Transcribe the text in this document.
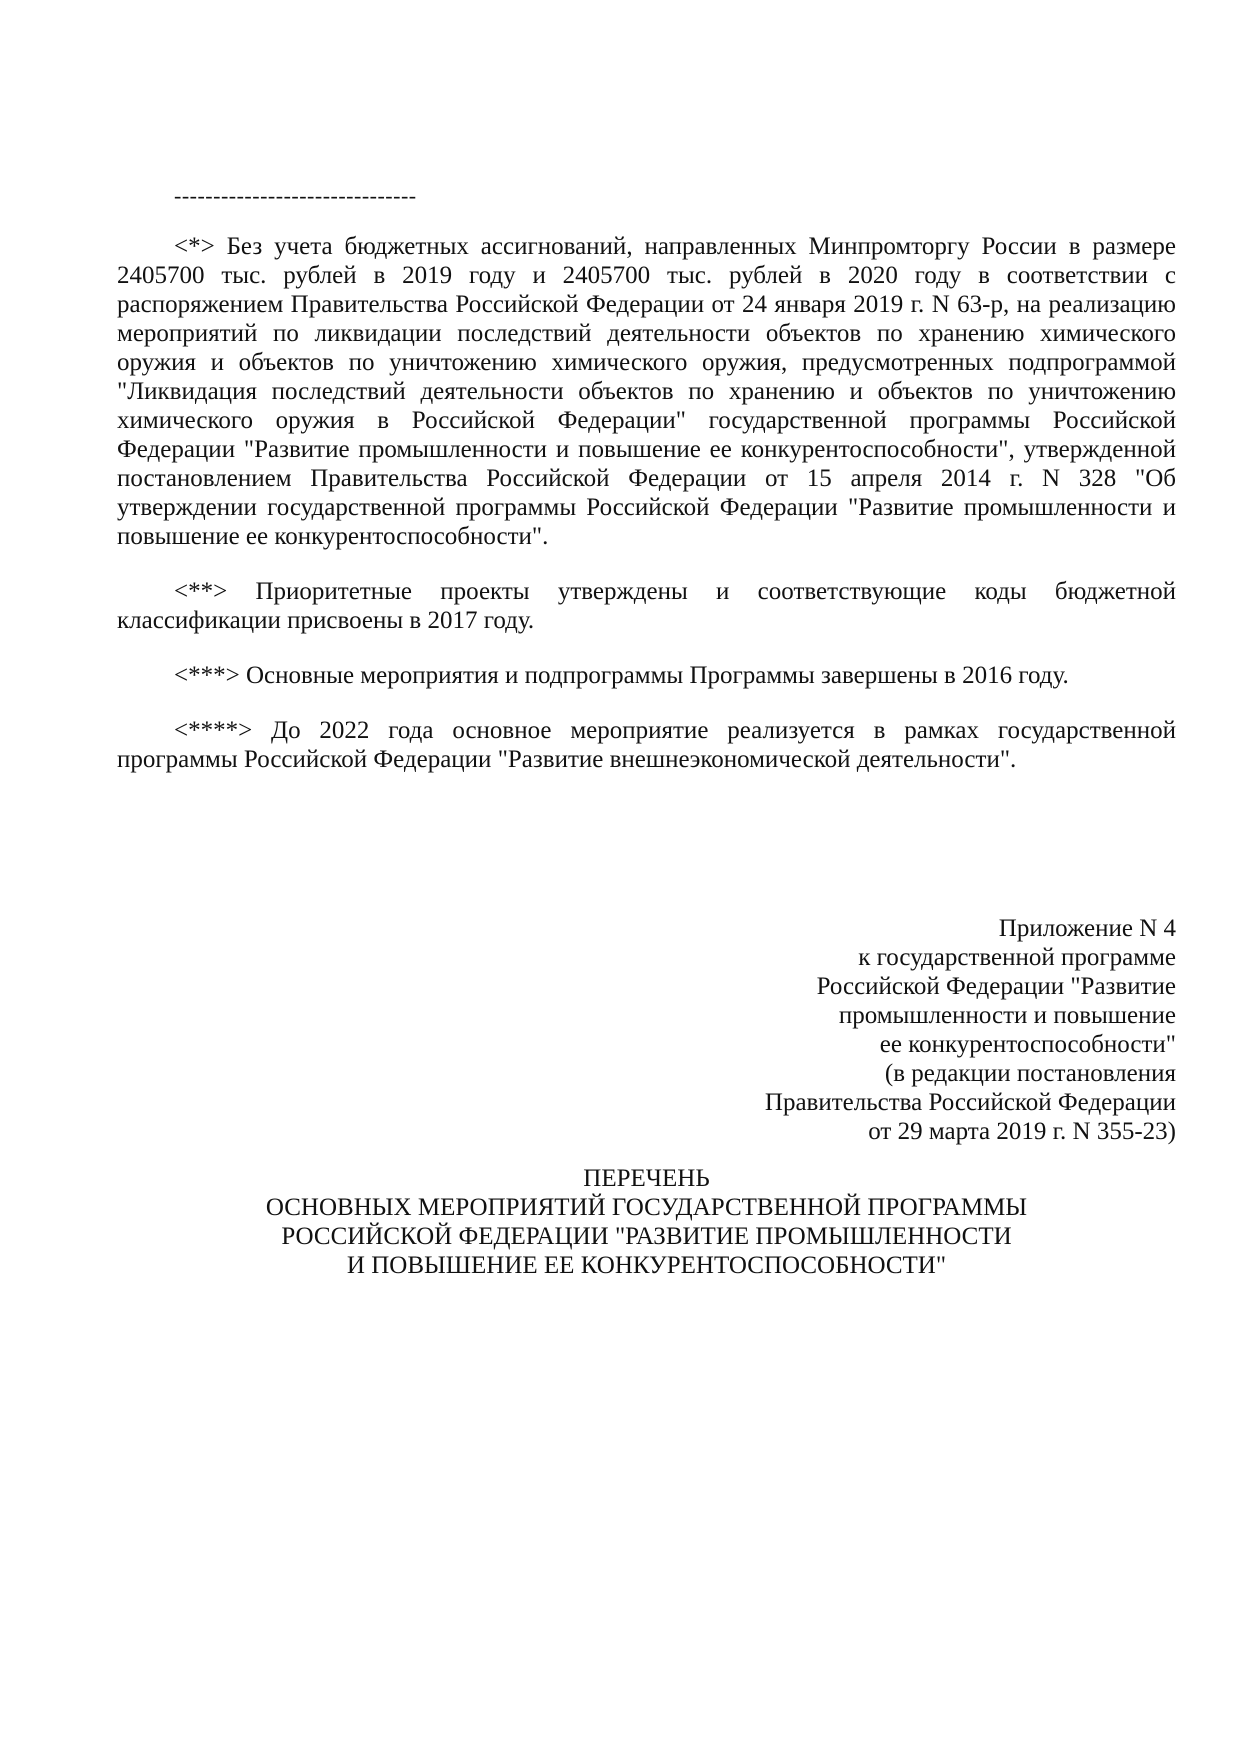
-------------------------------

<*> Без учета бюджетных ассигнований, направленных Минпромторгу России в размере 2405700 тыс. рублей в 2019 году и 2405700 тыс. рублей в 2020 году в соответствии с распоряжением Правительства Российской Федерации от 24 января 2019 г. N 63-р, на реализацию мероприятий по ликвидации последствий деятельности объектов по хранению химического оружия и объектов по уничтожению химического оружия, предусмотренных подпрограммой "Ликвидация последствий деятельности объектов по хранению и объектов по уничтожению химического оружия в Российской Федерации" государственной программы Российской Федерации "Развитие промышленности и повышение ее конкурентоспособности", утвержденной постановлением Правительства Российской Федерации от 15 апреля 2014 г. N 328 "Об утверждении государственной программы Российской Федерации "Развитие промышленности и повышение ее конкурентоспособности".

<**> Приоритетные проекты утверждены и соответствующие коды бюджетной классификации присвоены в 2017 году.

<***> Основные мероприятия и подпрограммы Программы завершены в 2016 году.

<****> До 2022 года основное мероприятие реализуется в рамках государственной программы Российской Федерации "Развитие внешнеэкономической деятельности".

Приложение N 4
к государственной программе
Российской Федерации "Развитие
промышленности и повышение
ее конкурентоспособности"
(в редакции постановления
Правительства Российской Федерации
от 29 марта 2019 г. N 355-23)
ПЕРЕЧЕНЬ
ОСНОВНЫХ МЕРОПРИЯТИЙ ГОСУДАРСТВЕННОЙ ПРОГРАММЫ
РОССИЙСКОЙ ФЕДЕРАЦИИ "РАЗВИТИЕ ПРОМЫШЛЕННОСТИ
И ПОВЫШЕНИЕ ЕЕ КОНКУРЕНТОСПОСОБНОСТИ"
